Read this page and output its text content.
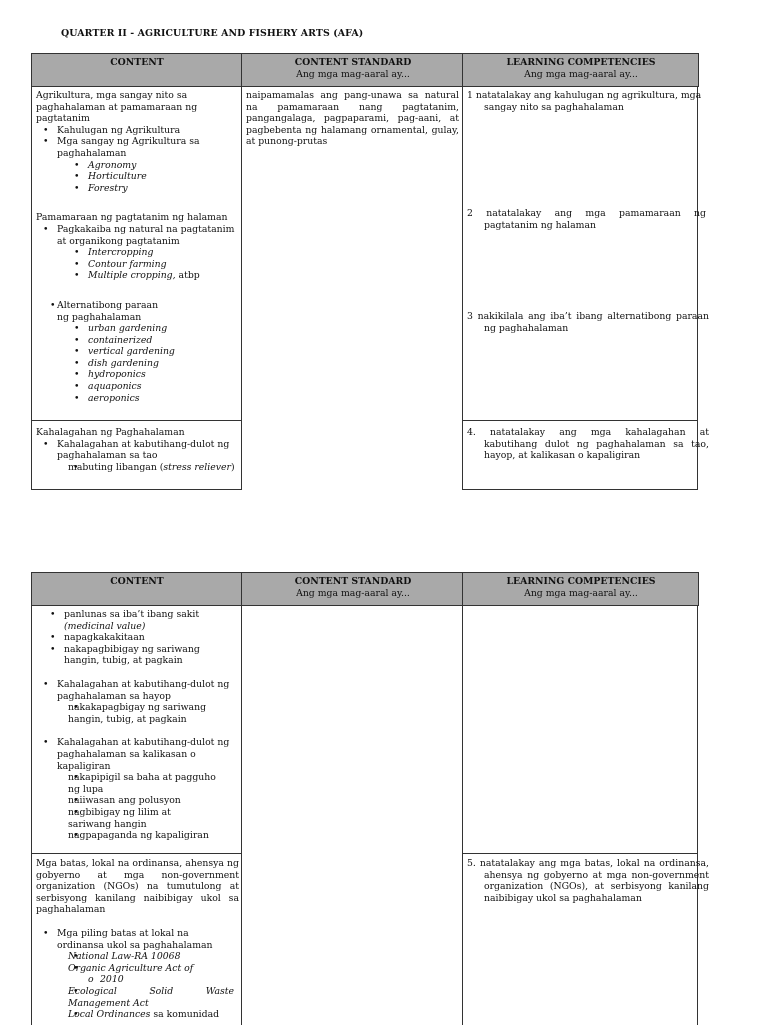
QUARTER II - AGRICULTURE AND FISHERY ARTS (AFA)
CONTENT	CONTENT STANDARD
Ang mga mag-aaral ay...
LEARNING COMPETENCIES
Ang mga mag-aaral ay...
Agrikultura, mga sangay nito sa paghahalaman at pamamaraan ng pagtatanim
• Kahulugan ng Agrikultura
• Mga sangay ng Agrikultura sa paghahalaman
• Agronomy
• Horticulture
• Forestry
Pamamaraan ng pagtatanim ng halaman
• Pagkakaiba ng natural na pagtatanim at organikong pagtatanim
• Intercropping
• Contour farming
• Multiple cropping, atbp
• Alternatibong paraan ng paghahalaman
• urban gardening
• containerized
• vertical gardening
• dish gardening
• hydroponics
• aquaponics
• aeroponics
Kahalagahan ng Paghahalaman
• Kahalagahan at kabutihang-dulot ng paghahalaman sa tao
• mabuting libangan (stress reliever)
naipamamalas ang pang-unawa sa natural na pamamaraan nang pagtatanim, pangangalaga, pagpaparami, pag-aani, at pagbebenta ng halamang ornamental, gulay, at punong-prutas
1 natatalakay ang kahulugan ng agrikultura, mga sangay nito sa paghahalaman
2 natatalakay ang mga pamamaraan ng pagtatanim ng halaman
3 nakikilala ang iba’t ibang alternatibong paraan ng paghahalaman
4. natatalakay ang mga kahalagahan at kabutihang dulot ng paghahalaman sa tao, hayop, at kalikasan o kapaligiran
CONTENT	CONTENT STANDARD
Ang mga mag-aaral ay...
LEARNING COMPETENCIES
Ang mga mag-aaral ay...
• panlunas sa iba’t ibang sakit
(medicinal value)
• napagkakakitaan
• nakapagbibigay ng sariwang hangin, tubig, at pagkain
• Kahalagahan at kabutihang-dulot ng paghahalaman sa hayop
• nakakapagbigay ng sariwang hangin, tubig, at pagkain
• Kahalagahan at kabutihang-dulot ng paghahalaman sa kalikasan o kapaligiran
• nakapipigil sa baha at pagguho ng lupa
• naiiwasan ang polusyon
• nagbibigay ng lilim at sariwang hangin
• nagpapaganda ng kapaligiran
Mga batas, lokal na ordinansa, ahensya ng gobyerno at mga non-government organization (NGOs) na tumutulong at serbisyong kanilang naibibigay ukol sa paghahalaman
• Mga piling batas at lokal na ordinansa ukol sa paghahalaman
• National Law-RA 10068
• Organic Agriculture Act of
o 2010
• Ecological Solid Waste Management Act
• Local Ordinances sa komunidad
5. natatalakay ang mga batas, lokal na ordinansa, ahensya ng gobyerno at mga non-government organization (NGOs), at serbisyong kanilang naibibigay ukol sa paghahalaman
